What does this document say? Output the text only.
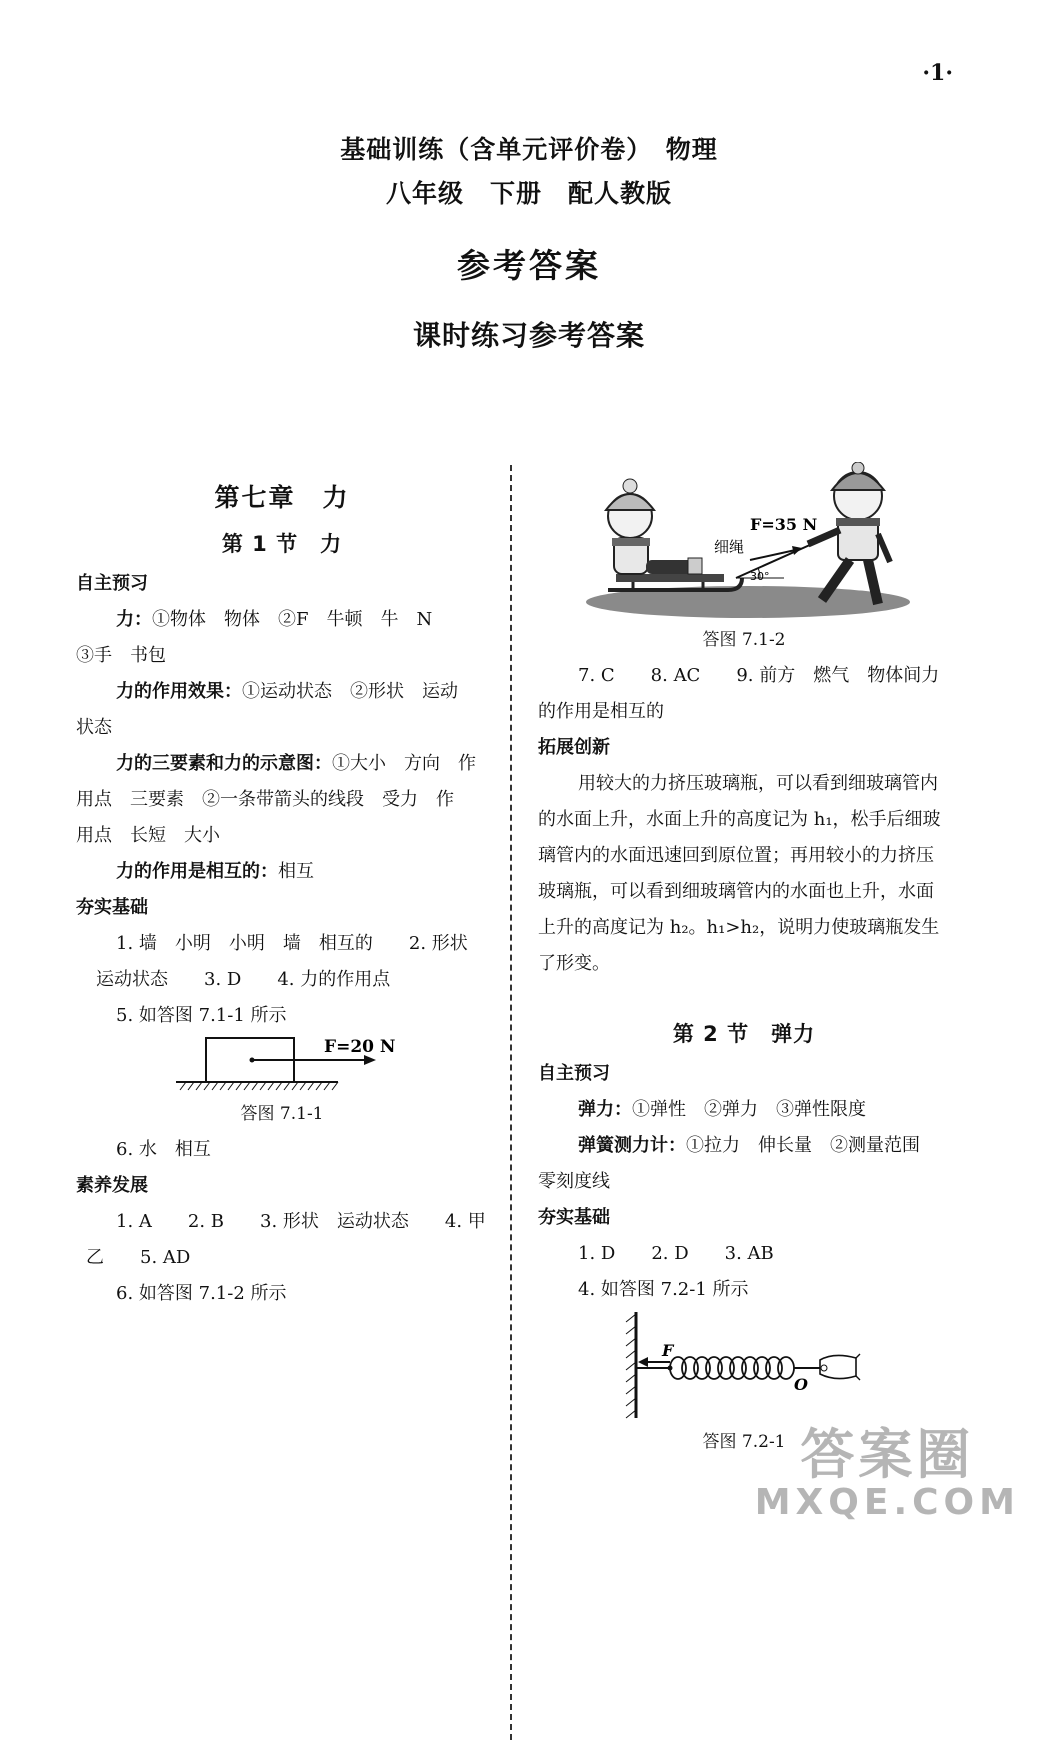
·1·
基础训练（含单元评价卷）　物理
八年级　下册　配人教版
参考答案
课时练习参考答案
第七章　力
第 1 节　力

自主预习

力：①物体　物体　②F　牛顿　牛　N

③手　书包

力的作用效果：①运动状态　②形状　运动

状态

力的三要素和力的示意图：①大小　方向　作

用点　三要素　②一条带箭头的线段　受力　作

用点　长短　大小

力的作用是相互的：相互

夯实基础

1. 墙　小明　小明　墙　相互的　　2. 形状

运动状态　　3. D　　4. 力的作用点

5. 如答图 7.1-1 所示

F=20 N

答图 7.1-1

6. 水　相互

素养发展

1. A　　2. B　　3. 形状　运动状态　　4. 甲

乙　　5. AD

6. 如答图 7.1-2 所示

30°
F=35 N
细绳

答图 7.1-2

7. C　　8. AC　　9. 前方　燃气　物体间力

的作用是相互的

拓展创新

用较大的力挤压玻璃瓶，可以看到细玻璃管内

的水面上升，水面上升的高度记为 h₁，松手后细玻

璃管内的水面迅速回到原位置；再用较小的力挤压

玻璃瓶，可以看到细玻璃管内的水面也上升，水面

上升的高度记为 h₂。h₁>h₂，说明力使玻璃瓶发生

了形变。

第 2 节　弹力

自主预习

弹力：①弹性　②弹力　③弹性限度

弹簧测力计：①拉力　伸长量　②测量范围

零刻度线

夯实基础

1. D　　2. D　　3. AB

4. 如答图 7.2-1 所示

F
O

答图 7.2-1 答案圈
MXQE.COM
